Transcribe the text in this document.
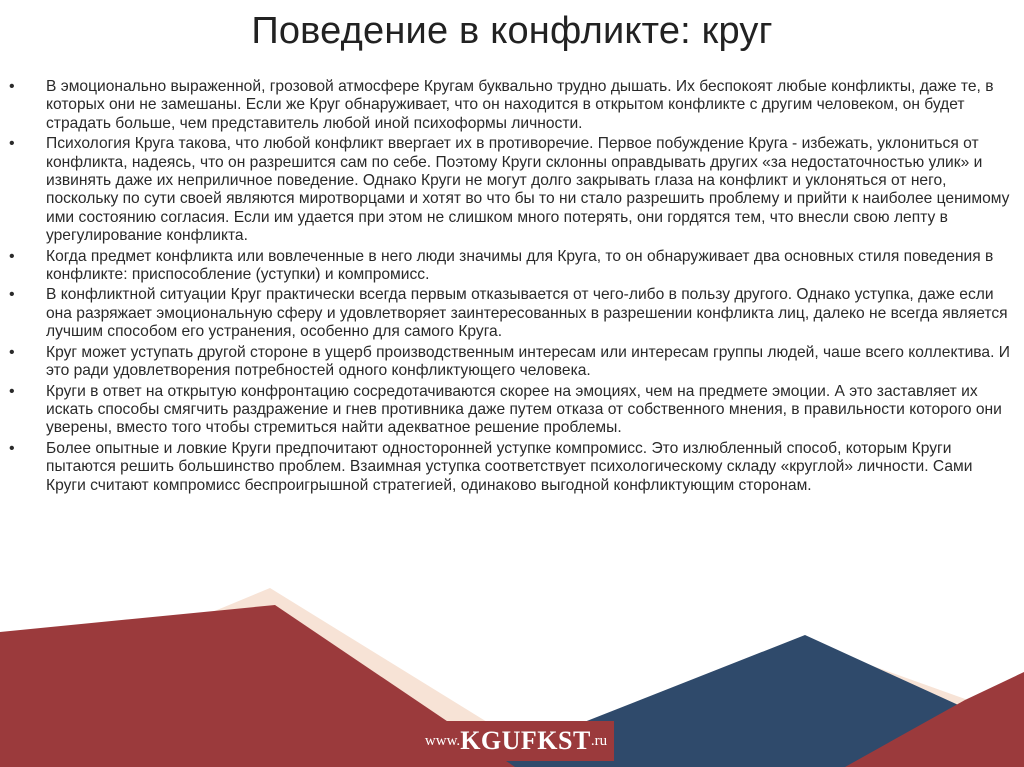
Поведение в конфликте: круг
• В эмоционально выраженной, грозовой атмосфере Кругам буквально трудно дышать. Их беспокоят любые конфликты, даже те, в которых они не замешаны. Если же Круг обнаруживает, что он находится в открытом конфликте с другим человеком, он будет страдать больше, чем представитель любой иной психоформы личности.
• Психология Круга такова, что любой конфликт ввергает их в противоречие. Первое побуждение Круга - избежать, уклониться от конфликта, надеясь, что он разрешится сам по себе. Поэтому Круги склонны оправдывать других «за недостаточностью улик» и извинять даже их неприличное поведение. Однако Круги не могут долго закрывать глаза на конфликт и уклоняться от него, поскольку по сути своей являются миротворцами и хотят во что бы то ни стало разрешить проблему и прийти к наиболее ценимому ими состоянию согласия. Если им удается при этом не слишком много потерять, они гордятся тем, что внесли свою лепту в урегулирование конфликта.
• Когда предмет конфликта или вовлеченные в него люди значимы для Круга, то он обнаруживает два основных стиля поведения в конфликте: приспособление (уступки) и компромисс.
• В конфликтной ситуации Круг практически всегда первым отказывается от чего-либо в пользу другого. Однако уступка, даже если она разряжает эмоциональную сферу и удовлетворяет заинтересованных в разрешении конфликта лиц, далеко не всегда является лучшим способом его устранения, особенно для самого Круга.
• Круг может уступать другой стороне в ущерб производственным интересам или интересам группы людей, чаше всего коллектива. И это ради удовлетворения потребностей одного конфликтующего человека.
• Круги в ответ на открытую конфронтацию сосредотачиваются скорее на эмоциях, чем на предмете эмоции. А это заставляет их искать способы смягчить раздражение и гнев противника даже путем отказа от собственного мнения, в правильности которого они уверены, вместо того чтобы стремиться найти адекватное решение проблемы.
• Более опытные и ловкие Круги предпочитают односторонней уступке компромисс. Это излюбленный способ, которым Круги пытаются решить большинство проблем. Взаимная уступка соответствует психологическому складу «круглой» личности. Сами Круги считают компромисс беспроигрышной стратегией, одинаково выгодной конфликтующим сторонам.
www. KGUFKST .ru
